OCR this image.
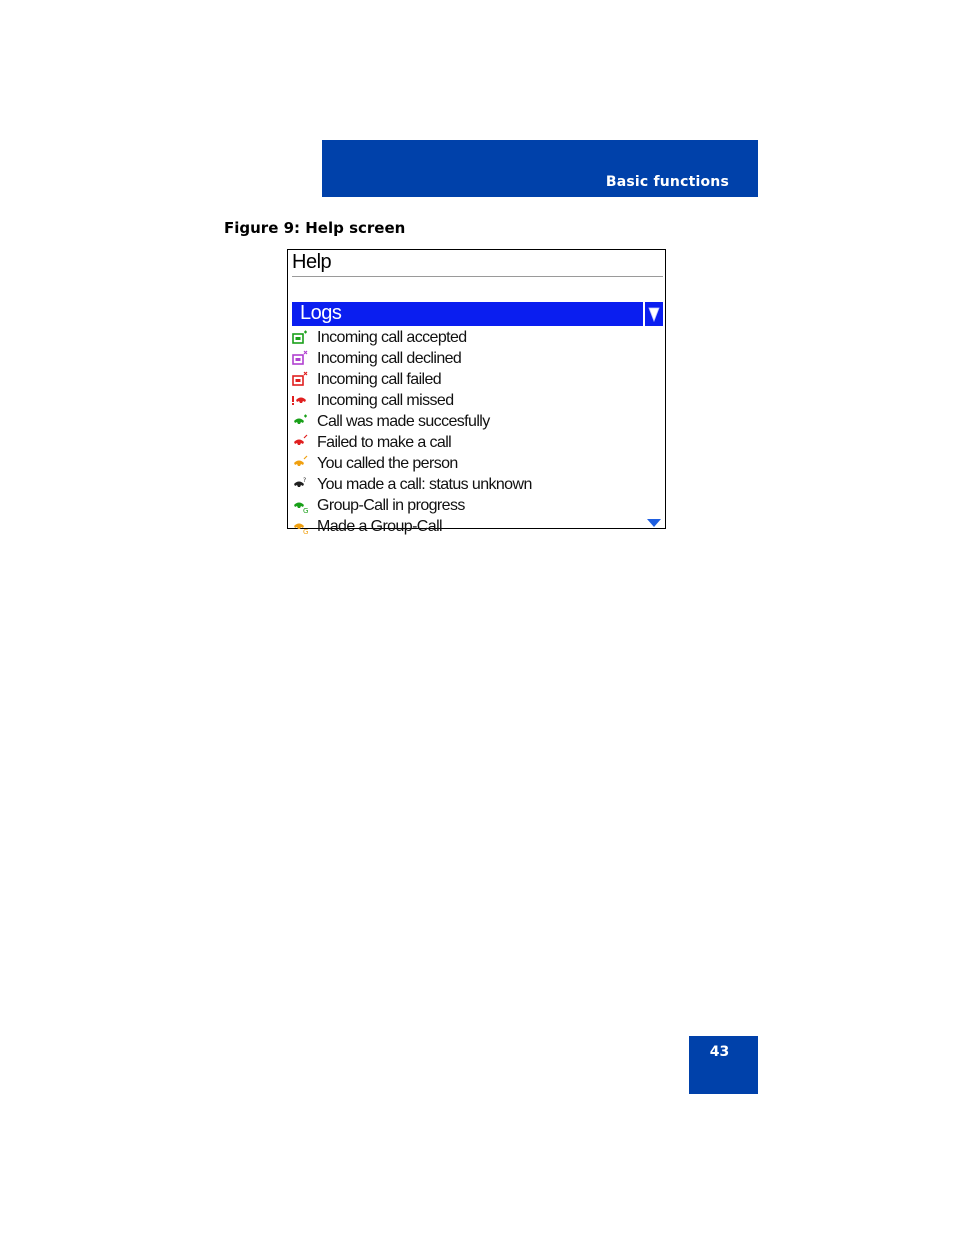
Basic functions
Figure 9: Help screen
Help
Logs
Incoming call accepted
Incoming call declined
Incoming call failed
Incoming call missed
Call was made succesfully
Failed to make a call
You called the person
? You made a call: status unknown
G Group-Call in progress
G Made a Group-Call
43
